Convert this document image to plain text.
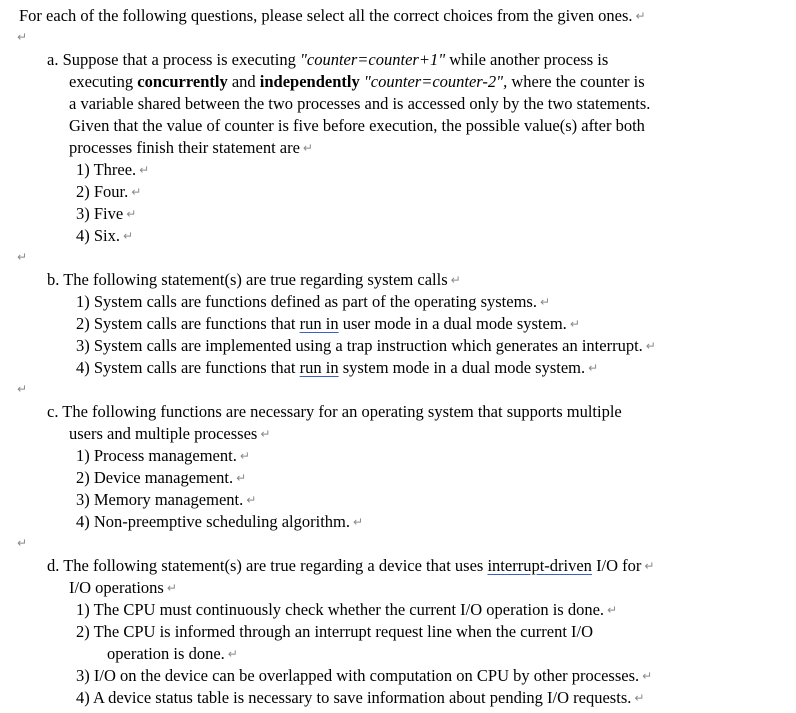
For each of the following questions, please select all the correct choices from the given ones. ↵
↵
a. Suppose that a process is executing "counter=counter+1" while another process is
executing concurrently and independently "counter=counter-2", where the counter is
a variable shared between the two processes and is accessed only by the two statements.
Given that the value of counter is five before execution, the possible value(s) after both
processes finish their statement are ↵
1) Three. ↵
2) Four. ↵
3) Five ↵
4) Six. ↵
↵
b. The following statement(s) are true regarding system calls ↵
1) System calls are functions defined as part of the operating systems. ↵
2) System calls are functions that run in user mode in a dual mode system. ↵
3) System calls are implemented using a trap instruction which generates an interrupt. ↵
4) System calls are functions that run in system mode in a dual mode system. ↵
↵
c. The following functions are necessary for an operating system that supports multiple
users and multiple processes ↵
1) Process management. ↵
2) Device management. ↵
3) Memory management. ↵
4) Non-preemptive scheduling algorithm. ↵
↵
d. The following statement(s) are true regarding a device that uses interrupt-driven I/O for ↵
I/O operations ↵
1) The CPU must continuously check whether the current I/O operation is done. ↵
2) The CPU is informed through an interrupt request line when the current I/O
operation is done. ↵
3) I/O on the device can be overlapped with computation on CPU by other processes. ↵
4) A device status table is necessary to save information about pending I/O requests. ↵
